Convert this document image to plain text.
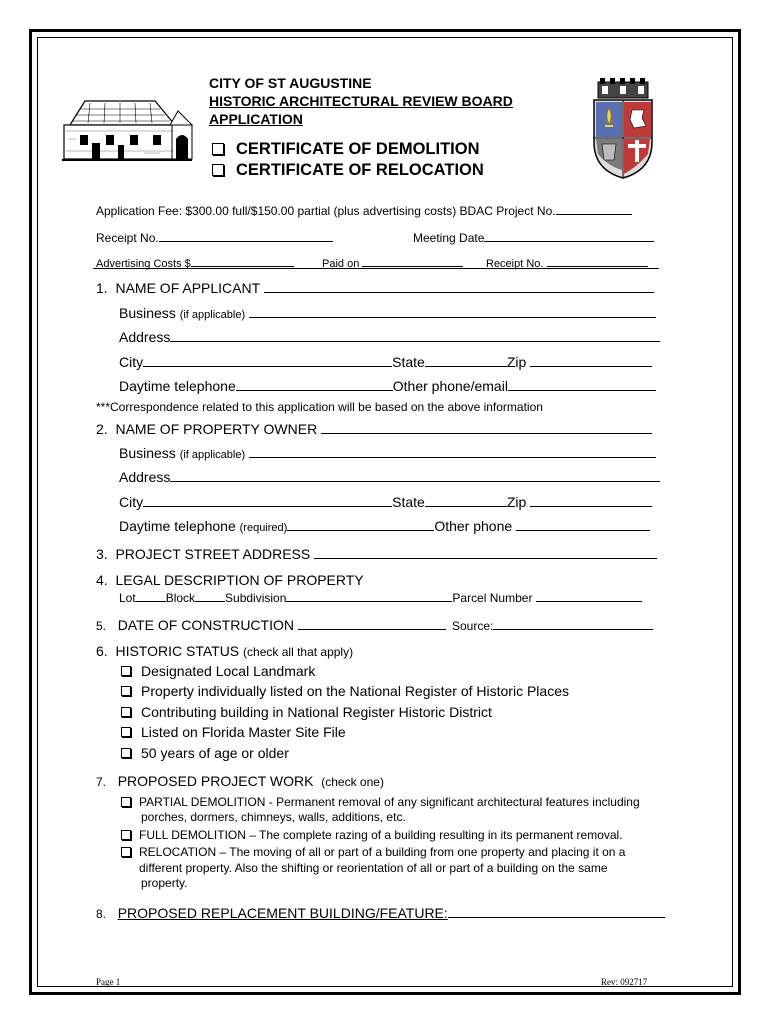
CITY OF ST AUGUSTINE
HISTORIC ARCHITECTURAL REVIEW BOARD
APPLICATION
CERTIFICATE OF DEMOLITION
CERTIFICATE OF RELOCATION
Application Fee: $300.00 full/$150.00 partial (plus advertising costs) BDAC Project No.
Receipt No.	Meeting Date
Advertising Costs $	Paid on	Receipt No.
1. NAME OF APPLICANT
Business (if applicable)
Address
City	State	Zip
Daytime telephone	Other phone/email
***Correspondence related to this application will be based on the above information
2. NAME OF PROPERTY OWNER
Business (if applicable)
Address
City	State	Zip
Daytime telephone (required)	Other phone
3. PROJECT STREET ADDRESS
4. LEGAL DESCRIPTION OF PROPERTY
Lot	Block	Subdivision	Parcel Number
5. DATE OF CONSTRUCTION	Source:
6. HISTORIC STATUS (check all that apply)
Designated Local Landmark
Property individually listed on the National Register of Historic Places
Contributing building in National Register Historic District
Listed on Florida Master Site File
50 years of age or older
7. PROPOSED PROJECT WORK (check one)
PARTIAL DEMOLITION - Permanent removal of any significant architectural features including
porches, dormers, chimneys, walls, additions, etc.
FULL DEMOLITION – The complete razing of a building resulting in its permanent removal.
RELOCATION – The moving of all or part of a building from one property and placing it on a
different property. Also the shifting or reorientation of all or part of a building on the same
property.
8. PROPOSED REPLACEMENT BUILDING/FEATURE:
Page 1	Rev: 092717
